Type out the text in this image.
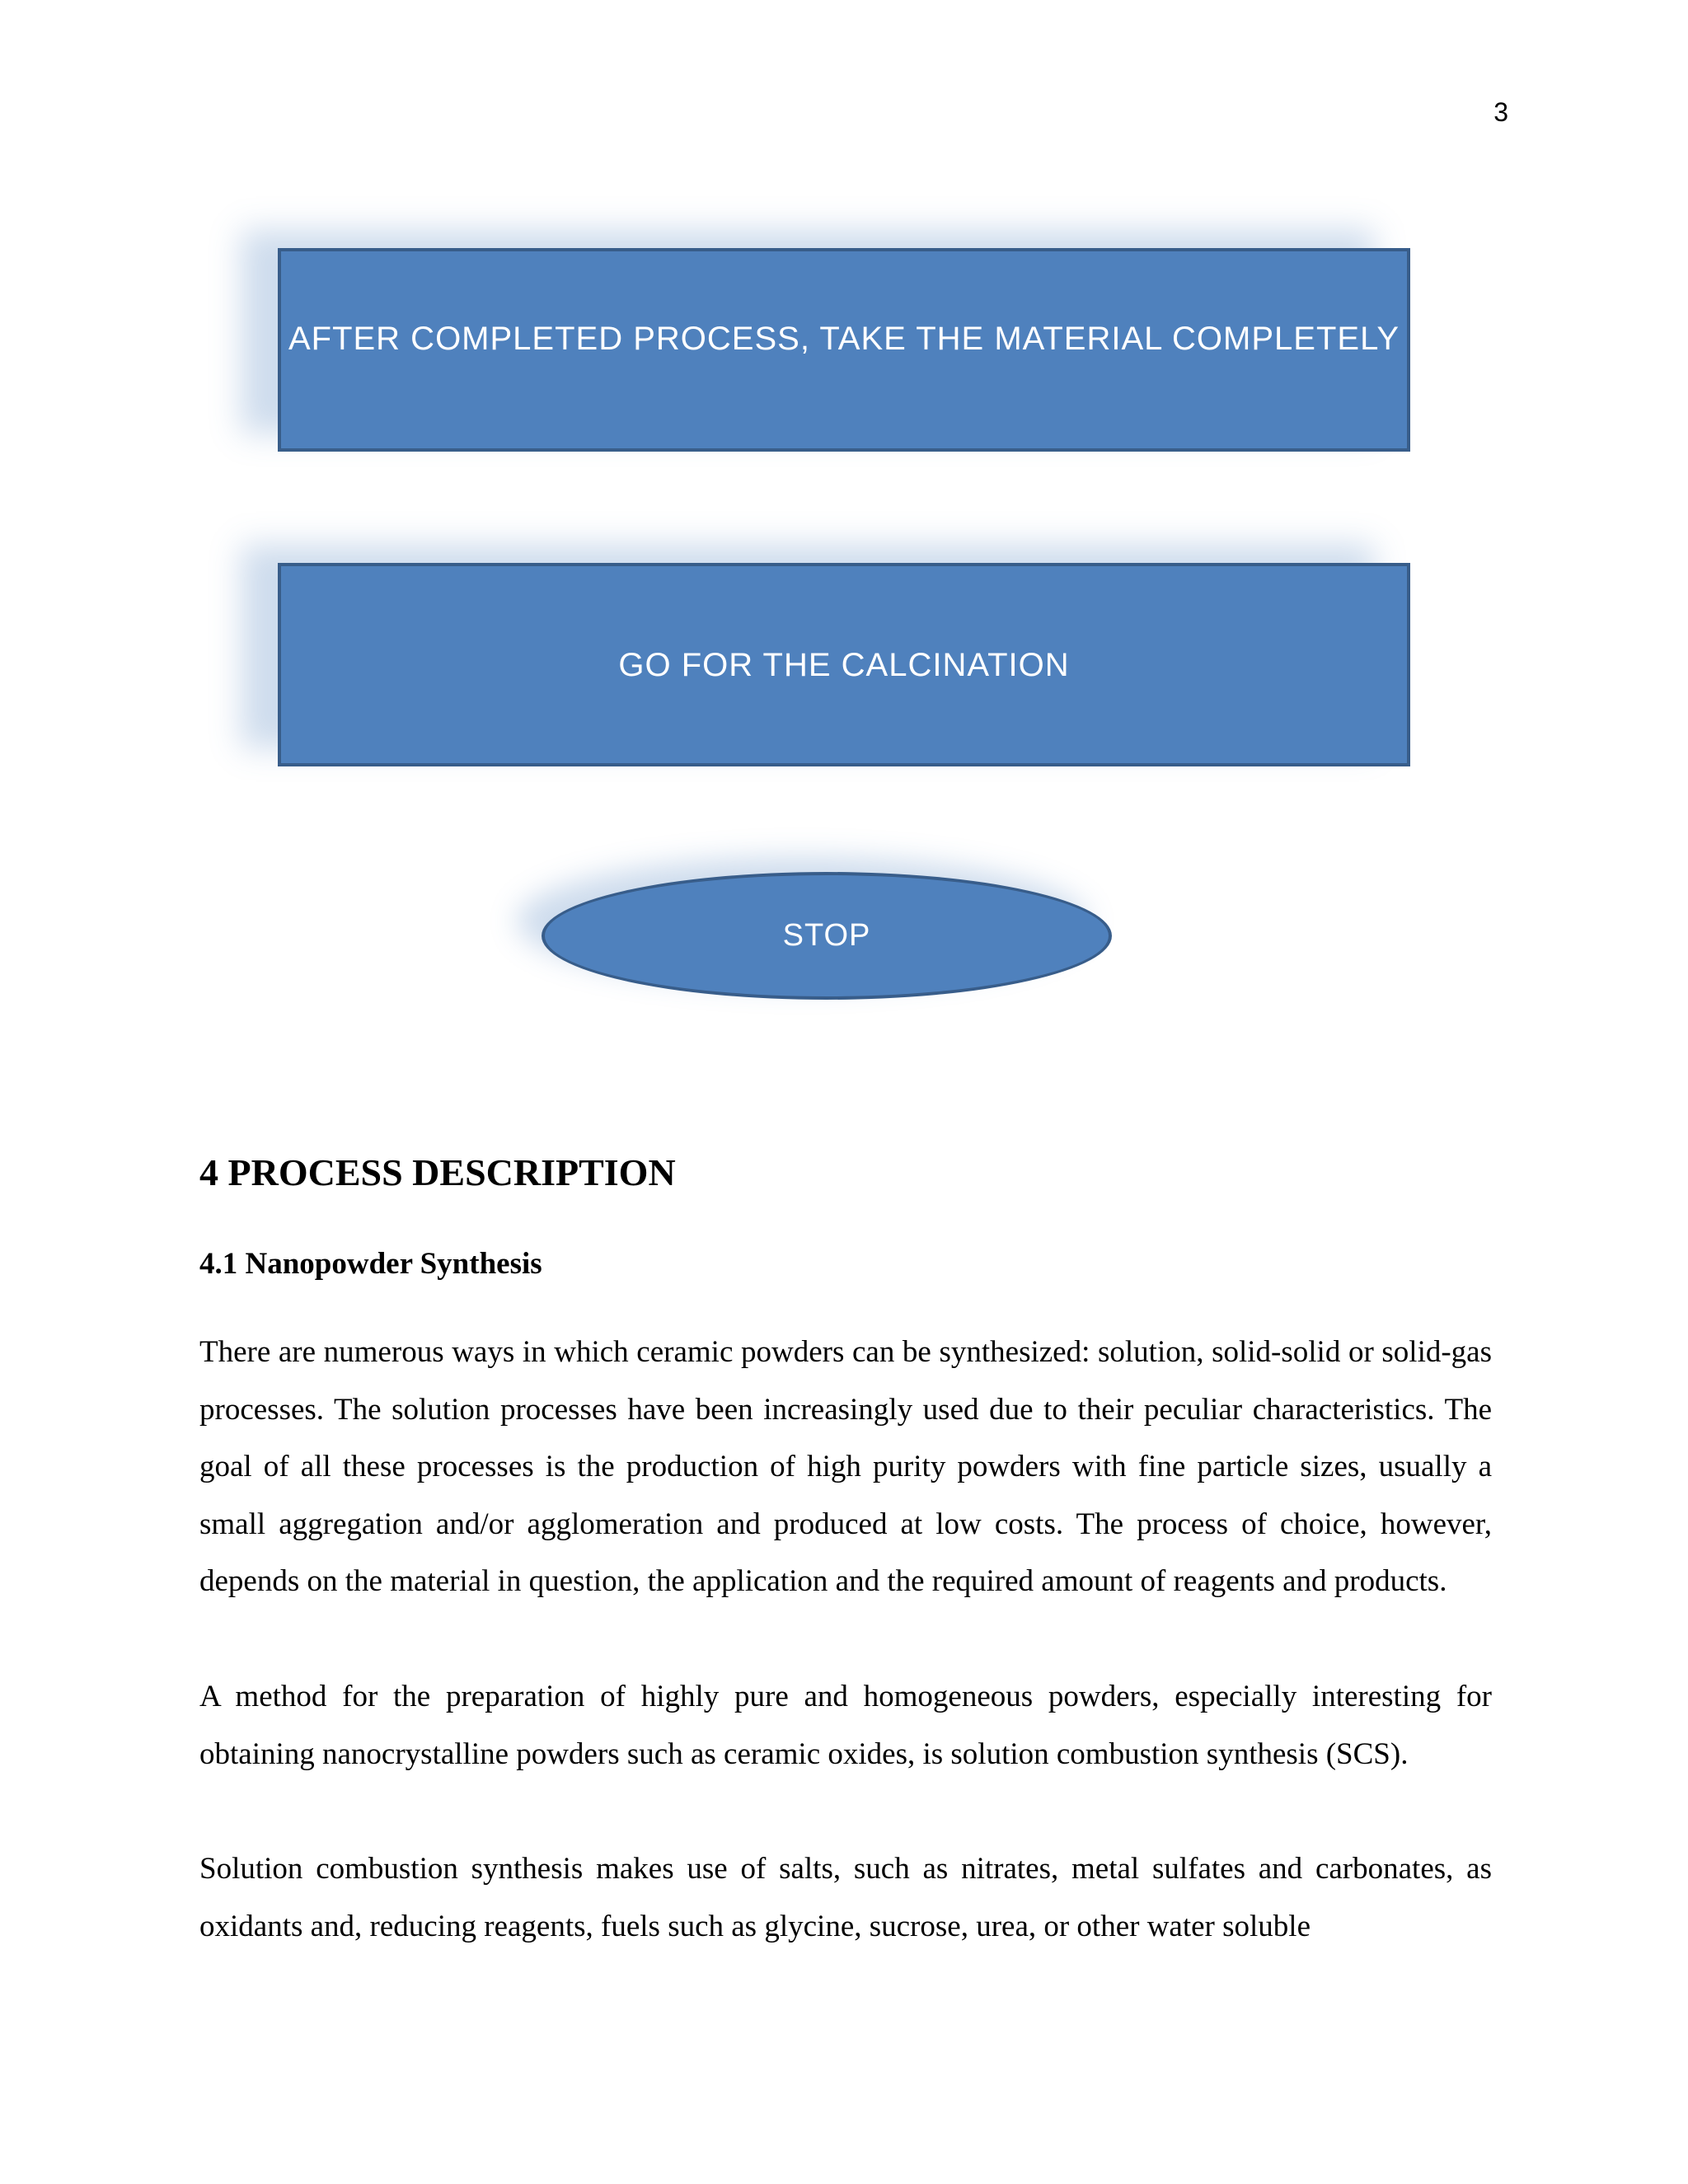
3
AFTER COMPLETED PROCESS, TAKE THE MATERIAL COMPLETELY
GO FOR THE CALCINATION
STOP
4 PROCESS DESCRIPTION
4.1 Nanopowder Synthesis

There are numerous ways in which ceramic powders can be synthesized: solution, solid-solid or solid-gas processes. The solution processes have been increasingly used due to their peculiar characteristics. The goal of all these processes is the production of high purity powders with fine particle sizes, usually a small aggregation and/or agglomeration and produced at low costs. The process of choice, however, depends on the material in question, the application and the required amount of reagents and products.

A method for the preparation of highly pure and homogeneous powders, especially interesting for obtaining nanocrystalline powders such as ceramic oxides, is solution combustion synthesis (SCS).

Solution combustion synthesis makes use of salts, such as nitrates, metal sulfates and carbonates, as oxidants and, reducing reagents, fuels such as glycine, sucrose, urea, or other water soluble
